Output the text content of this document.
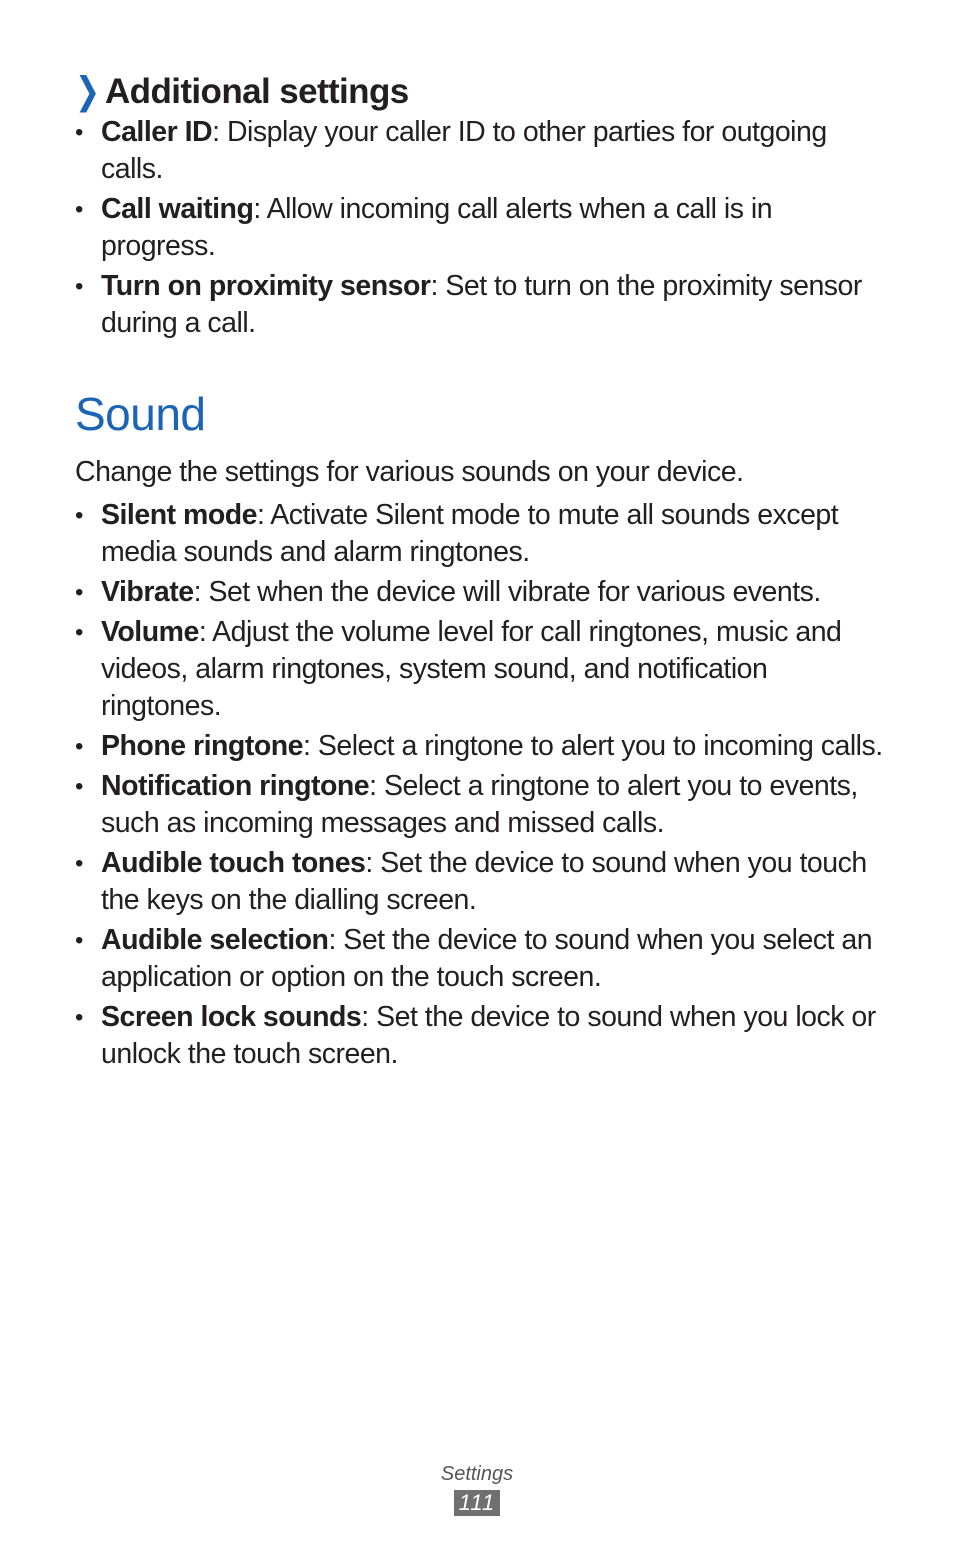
❯ Additional settings
• Caller ID: Display your caller ID to other parties for outgoing calls.
• Call waiting: Allow incoming call alerts when a call is in progress.
• Turn on proximity sensor: Set to turn on the proximity sensor during a call.
Sound

Change the settings for various sounds on your device.

• Silent mode: Activate Silent mode to mute all sounds except media sounds and alarm ringtones.
• Vibrate: Set when the device will vibrate for various events.
• Volume: Adjust the volume level for call ringtones, music and videos, alarm ringtones, system sound, and notification ringtones.
• Phone ringtone: Select a ringtone to alert you to incoming calls.
• Notification ringtone: Select a ringtone to alert you to events, such as incoming messages and missed calls.
• Audible touch tones: Set the device to sound when you touch the keys on the dialling screen.
• Audible selection: Set the device to sound when you select an application or option on the touch screen.
• Screen lock sounds: Set the device to sound when you lock or unlock the touch screen.
Settings
111
